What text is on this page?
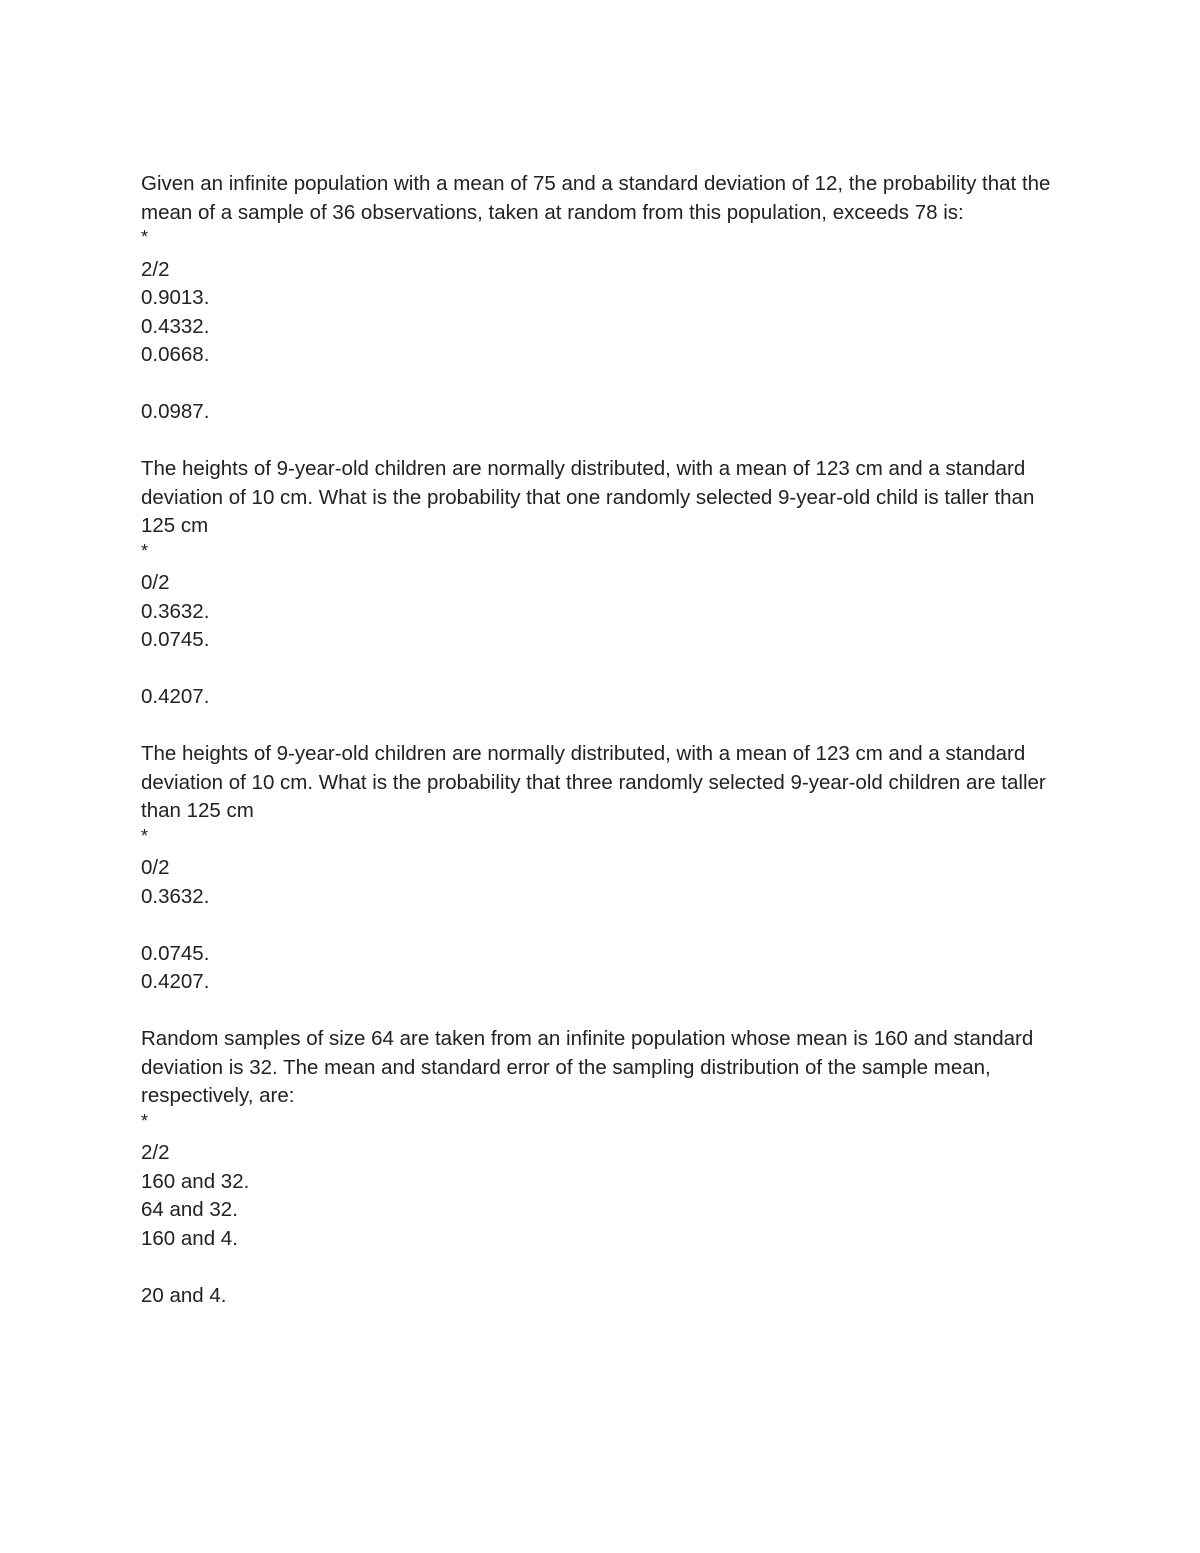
Given an infinite population with a mean of 75 and a standard deviation of 12, the probability that the mean of a sample of 36 observations, taken at random from this population, exceeds 78 is:
*
2/2
0.9013.
0.4332.
0.0668.
0.0987.
The heights of 9-year-old children are normally distributed, with a mean of 123 cm and a standard deviation of 10 cm. What is the probability that one randomly selected 9-year-old child is taller than 125 cm
*
0/2
0.3632.
0.0745.
0.4207.
The heights of 9-year-old children are normally distributed, with a mean of 123 cm and a standard deviation of 10 cm. What is the probability that three randomly selected 9-year-old children are taller than 125 cm
*
0/2
0.3632.
0.0745.
0.4207.
Random samples of size 64 are taken from an infinite population whose mean is 160 and standard deviation is 32. The mean and standard error of the sampling distribution of the sample mean, respectively, are:
*
2/2
160 and 32.
64 and 32.
160 and 4.
20 and 4.
